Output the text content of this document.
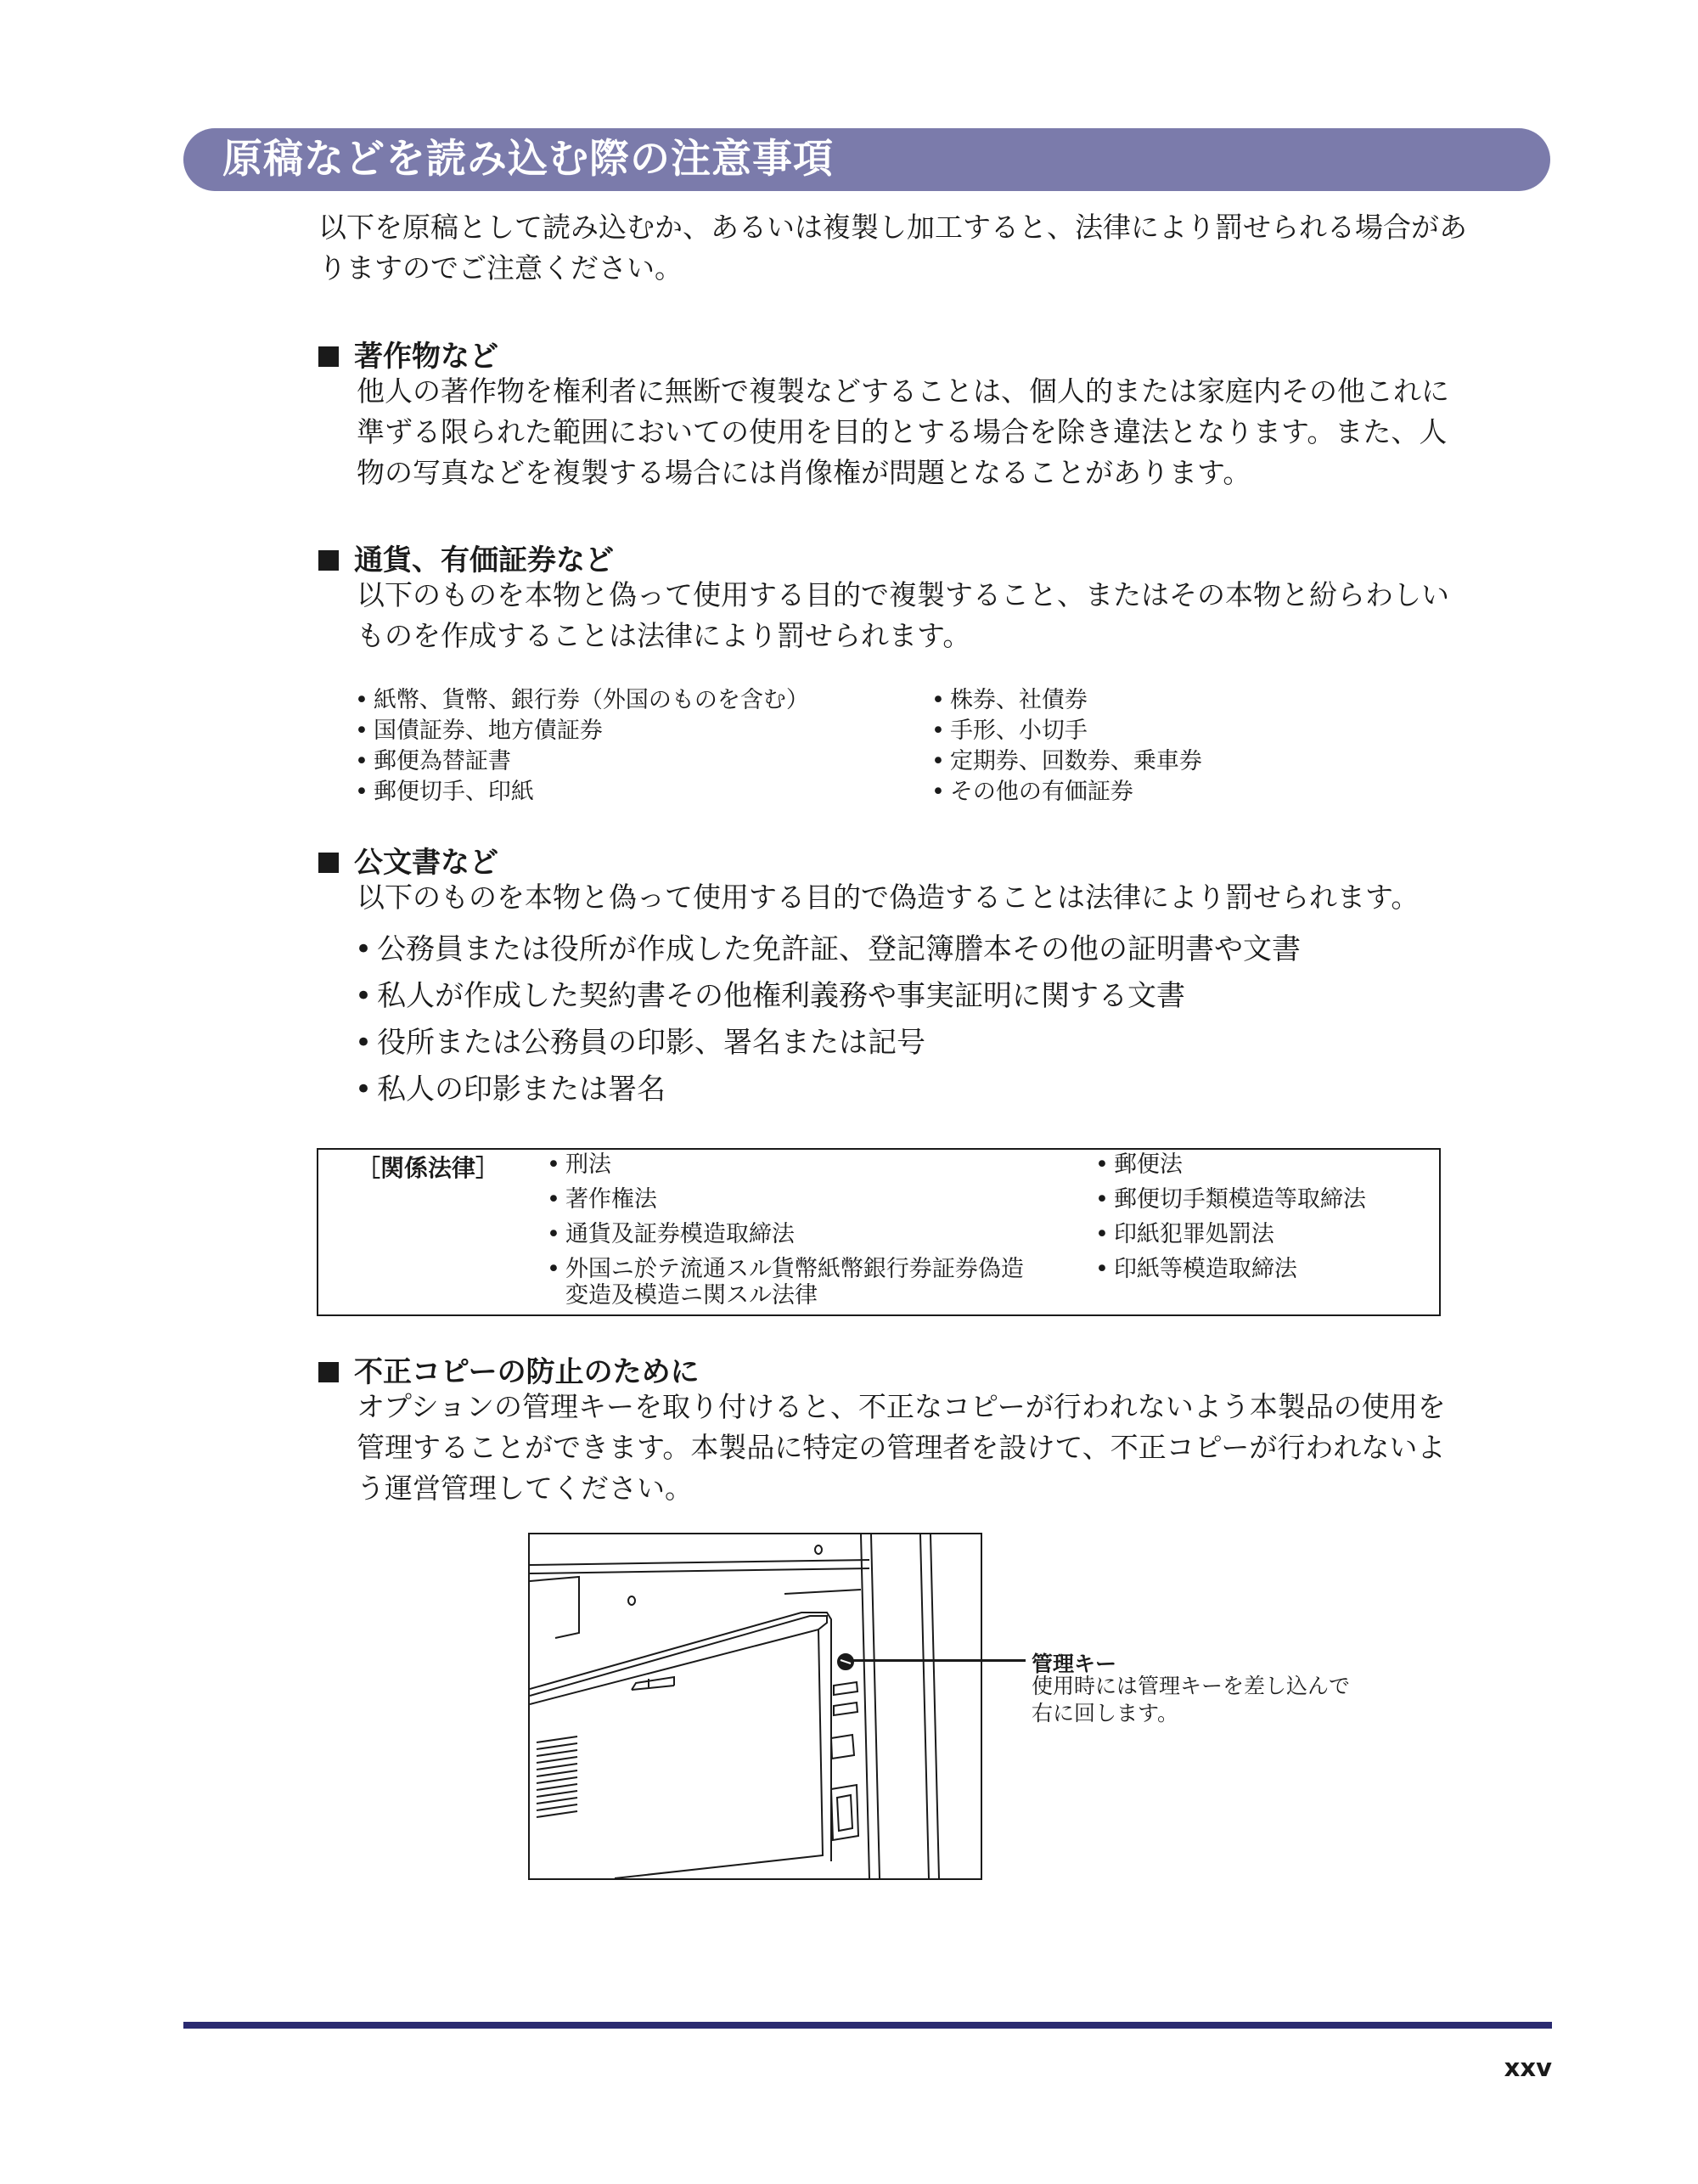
原稿などを読み込む際の注意事項
以下を原稿として読み込むか、あるいは複製し加工すると、法律により罰せられる場合があ
りますのでご注意ください。
著作物など
他人の著作物を権利者に無断で複製などすることは、個人的または家庭内その他これに
準ずる限られた範囲においての使用を目的とする場合を除き違法となります。また、人
物の写真などを複製する場合には肖像権が問題となることがあります。
通貨、有価証券など
以下のものを本物と偽って使用する目的で複製すること、またはその本物と紛らわしい
ものを作成することは法律により罰せられます。
• 紙幣、貨幣、銀行券（外国のものを含む）
• 国債証券、地方債証券
• 郵便為替証書
• 郵便切手、印紙
• 株券、社債券
• 手形、小切手
• 定期券、回数券、乗車券
• その他の有価証券
公文書など
以下のものを本物と偽って使用する目的で偽造することは法律により罰せられます。
• 公務員または役所が作成した免許証、登記簿謄本その他の証明書や文書
• 私人が作成した契約書その他権利義務や事実証明に関する文書
• 役所または公務員の印影、署名または記号
• 私人の印影または署名
［関係法律］ • 刑法
• 著作権法
• 通貨及証券模造取締法
• 外国ニ於テ流通スル貨幣紙幣銀行券証券偽造
変造及模造ニ関スル法律
• 郵便法
• 郵便切手類模造等取締法
• 印紙犯罪処罰法
• 印紙等模造取締法
不正コピーの防止のために
オプションの管理キーを取り付けると、不正なコピーが行われないよう本製品の使用を
管理することができます。本製品に特定の管理者を設けて、不正コピーが行われないよ
う運営管理してください。
管理キー
使用時には管理キーを差し込んで
右に回します。
xxv
